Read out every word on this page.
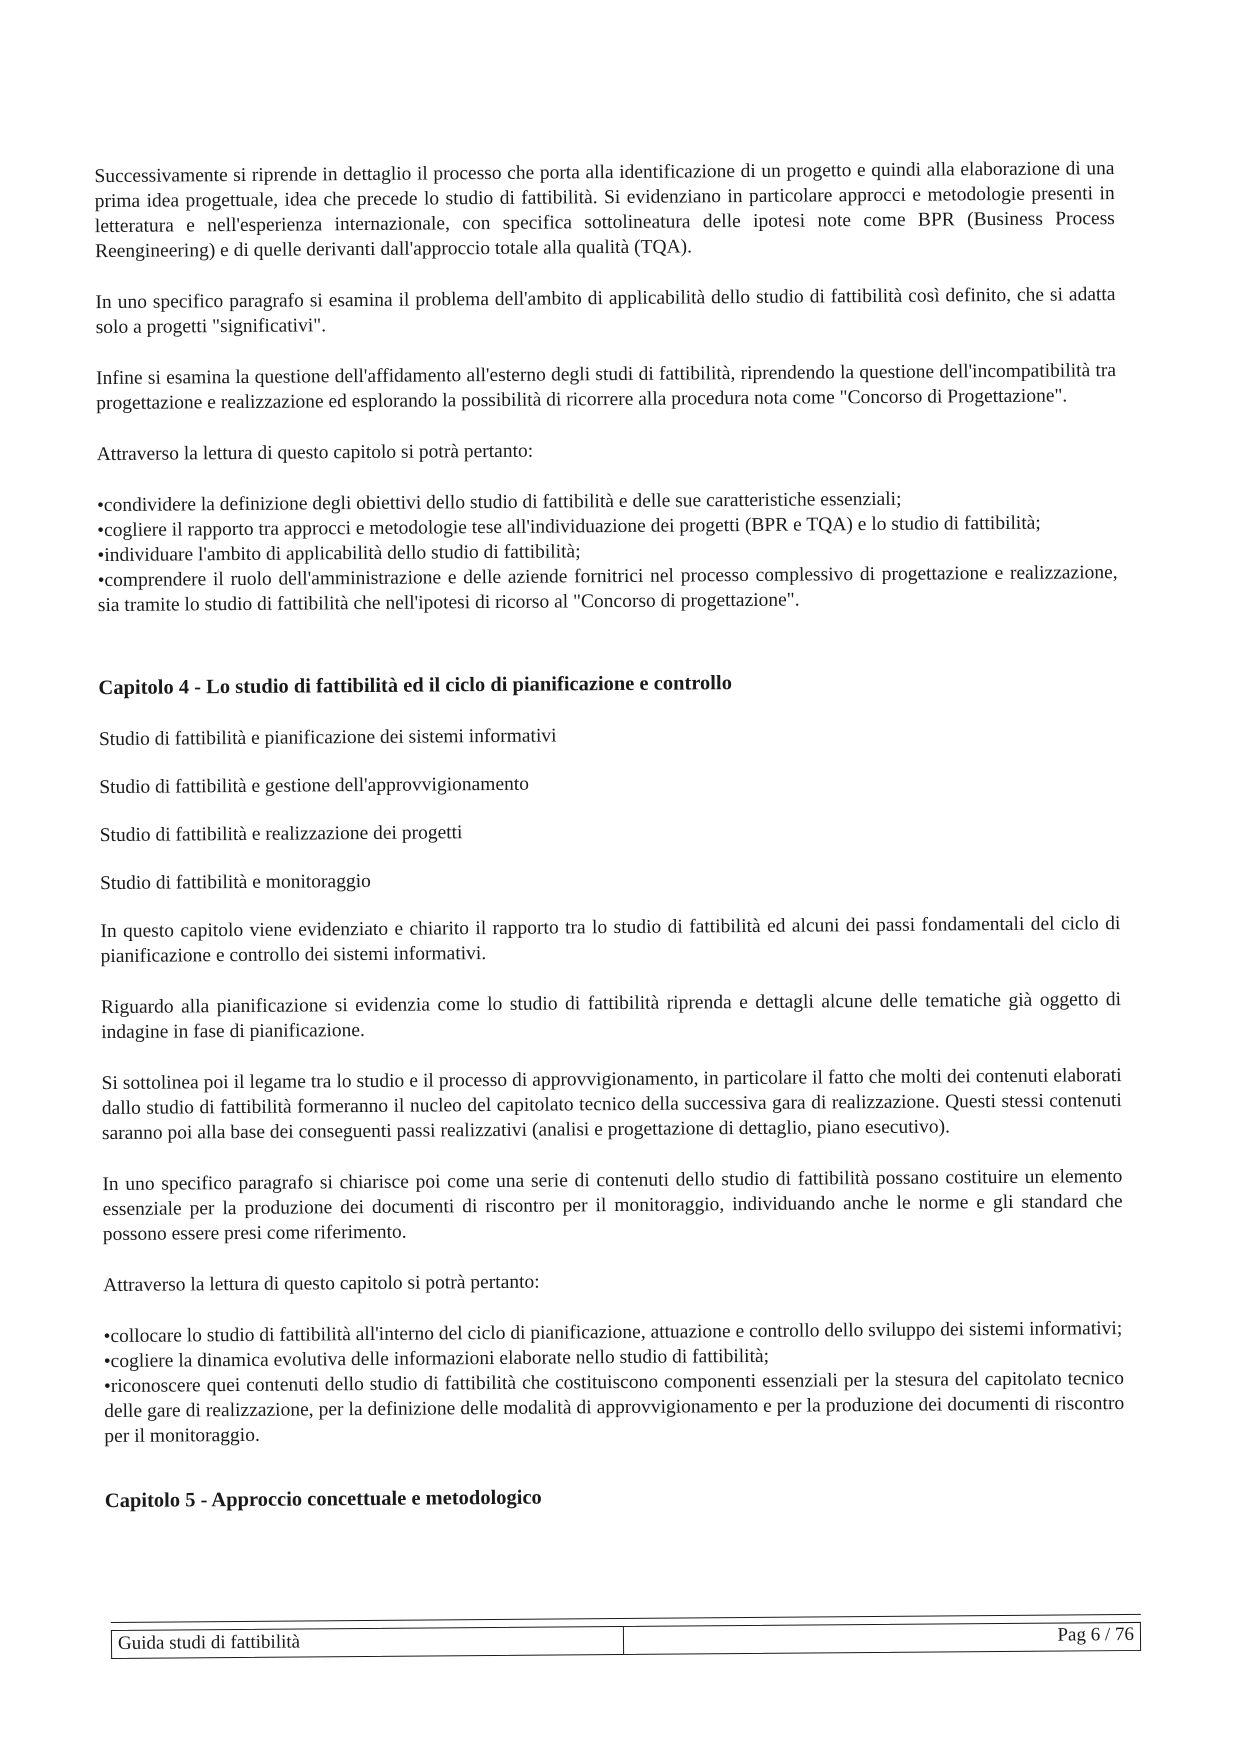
Successivamente si riprende in dettaglio il processo che porta alla identificazione di un progetto e quindi alla elaborazione di una prima idea progettuale, idea che precede lo studio di fattibilità. Si evidenziano in particolare approcci e metodologie presenti in letteratura e nell'esperienza internazionale, con specifica sottolineatura delle ipotesi note come BPR (Business Process Reengineering) e di quelle derivanti dall'approccio totale alla qualità (TQA).

In uno specifico paragrafo si esamina il problema dell'ambito di applicabilità dello studio di fattibilità così definito, che si adatta solo a progetti "significativi".

Infine si esamina la questione dell'affidamento all'esterno degli studi di fattibilità, riprendendo la questione dell'incompatibilità tra progettazione e realizzazione ed esplorando la possibilità di ricorrere alla procedura nota come "Concorso di Progettazione".

Attraverso la lettura di questo capitolo si potrà pertanto:

•condividere la definizione degli obiettivi dello studio di fattibilità e delle sue caratteristiche essenziali;

•cogliere il rapporto tra approcci e metodologie tese all'individuazione dei progetti (BPR e TQA) e lo studio di fattibilità;

•individuare l'ambito di applicabilità dello studio di fattibilità;

•comprendere il ruolo dell'amministrazione e delle aziende fornitrici nel processo complessivo di progettazione e realizzazione, sia tramite lo studio di fattibilità che nell'ipotesi di ricorso al "Concorso di progettazione".

Capitolo 4 - Lo studio di fattibilità ed il ciclo di pianificazione e controllo

Studio di fattibilità e pianificazione dei sistemi informativi

Studio di fattibilità e gestione dell'approvvigionamento

Studio di fattibilità e realizzazione dei progetti

Studio di fattibilità e monitoraggio

In questo capitolo viene evidenziato e chiarito il rapporto tra lo studio di fattibilità ed alcuni dei passi fondamentali del ciclo di pianificazione e controllo dei sistemi informativi.

Riguardo alla pianificazione si evidenzia come lo studio di fattibilità riprenda e dettagli alcune delle tematiche già oggetto di indagine in fase di pianificazione.

Si sottolinea poi il legame tra lo studio e il processo di approvvigionamento, in particolare il fatto che molti dei contenuti elaborati dallo studio di fattibilità formeranno il nucleo del capitolato tecnico della successiva gara di realizzazione. Questi stessi contenuti saranno poi alla base dei conseguenti passi realizzativi (analisi e progettazione di dettaglio, piano esecutivo).

In uno specifico paragrafo si chiarisce poi come una serie di contenuti dello studio di fattibilità possano costituire un elemento essenziale per la produzione dei documenti di riscontro per il monitoraggio, individuando anche le norme e gli standard che possono essere presi come riferimento.

Attraverso la lettura di questo capitolo si potrà pertanto:

•collocare lo studio di fattibilità all'interno del ciclo di pianificazione, attuazione e controllo dello sviluppo dei sistemi informativi;

•cogliere la dinamica evolutiva delle informazioni elaborate nello studio di fattibilità;

•riconoscere quei contenuti dello studio di fattibilità che costituiscono componenti essenziali per la stesura del capitolato tecnico delle gare di realizzazione, per la definizione delle modalità di approvvigionamento e per la produzione dei documenti di riscontro per il monitoraggio.

Capitolo 5 - Approccio concettuale e metodologico
Guida studi di fattibilità	Pag 6 / 76
